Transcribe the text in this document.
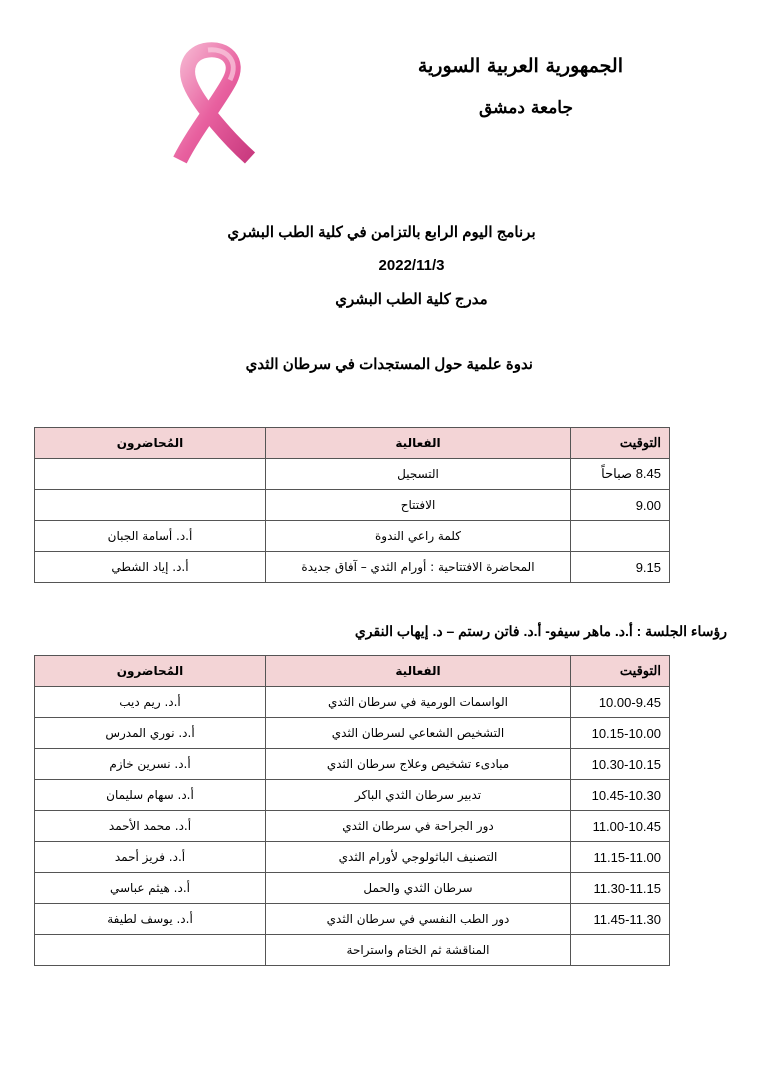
الجمهورية العربية السورية
جامعة دمشق
برنامج اليوم الرابع بالتزامن في كلية الطب البشري
2022/11/3
مدرج كلية الطب البشري
ندوة علمية حول المستجدات في سرطان الثدي
التوقيت	الفعالية	المُحاضرون
8.45 صباحاً	التسجيل	
9.00	الافتتاح	
	كلمة راعي الندوة	أ.د. أسامة الجبان
9.15	المحاضرة الافتتاحية : أورام الثدي – آفاق جديدة	أ.د. إياد الشطي
رؤساء الجلسة : أ.د. ماهر سيفو- أ.د. فاتن رستم – د. إيهاب النقري
التوقيت	الفعالية	المُحاضرون
10.00-9.45	الواسمات الورمية في سرطان الثدي	أ.د. ريم ديب
10.15-10.00	التشخيص الشعاعي لسرطان الثدي	أ.د. نوري المدرس
10.30-10.15	مبادىء تشخيص وعلاج سرطان الثدي	أ.د. نسرين خازم
10.45-10.30	تدبير سرطان الثدي الباكر	أ.د. سهام سليمان
11.00-10.45	دور الجراحة في سرطان الثدي	أ.د. محمد الأحمد
11.15-11.00	التصنيف الباثولوجي لأورام الثدي	أ.د. فريز أحمد
11.30-11.15	سرطان الثدي والحمل	أ.د. هيثم عباسي
11.45-11.30	دور الطب النفسي في سرطان الثدي	أ.د. يوسف لطيفة
	المناقشة ثم الختام واستراحة	
